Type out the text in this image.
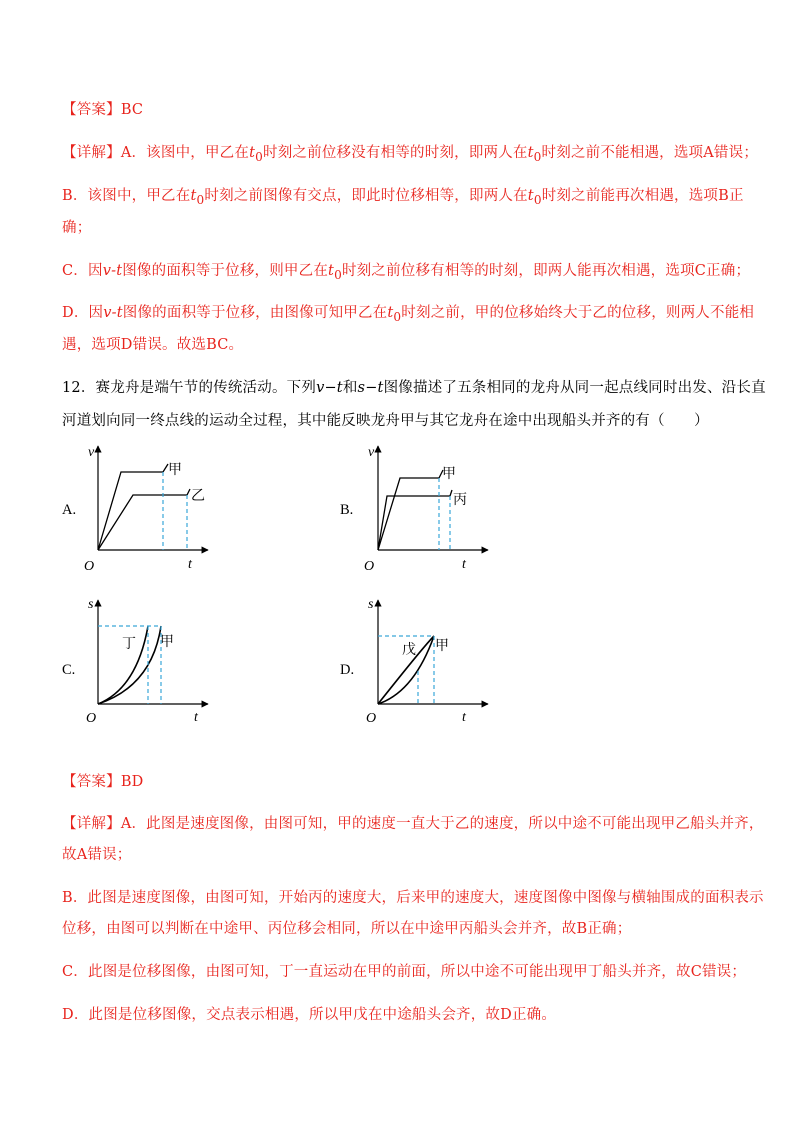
【答案】BC
【详解】A．该图中，甲乙在$t_0$时刻之前位移没有相等的时刻，即两人在$t_0$时刻之前不能相遇，选项A错误；
B．该图中，甲乙在$t_0$时刻之前图像有交点，即此时位移相等，即两人在$t_0$时刻之前能再次相遇，选项B正
确；
C．因v-t图像的面积等于位移，则甲乙在$t_0$时刻之前位移有相等的时刻，即两人能再次相遇，选项C正确；
D．因v-t图像的面积等于位移，由图像可知甲乙在$t_0$时刻之前，甲的位移始终大于乙的位移，则两人不能相
遇，选项D错误。故选BC。
12．赛龙舟是端午节的传统活动。下列v−t和s−t图像描述了五条相同的龙舟从同一起点线同时出发、沿长直
河道划向同一终点线的运动全过程，其中能反映龙舟甲与其它龙舟在途中出现船头并齐的有（　　）
A.	B.
C.	D.
v
t
O
甲
乙
v
t
O
甲
丙
s
t
O
丁 甲
s
t
O
戊 甲
【答案】BD
【详解】A．此图是速度图像，由图可知，甲的速度一直大于乙的速度，所以中途不可能出现甲乙船头并齐，
故A错误；
B．此图是速度图像，由图可知，开始丙的速度大，后来甲的速度大，速度图像中图像与横轴围成的面积表示
位移，由图可以判断在中途甲、丙位移会相同，所以在中途甲丙船头会并齐，故B正确；
C．此图是位移图像，由图可知，丁一直运动在甲的前面，所以中途不可能出现甲丁船头并齐，故C错误；
D．此图是位移图像，交点表示相遇，所以甲戊在中途船头会齐，故D正确。
